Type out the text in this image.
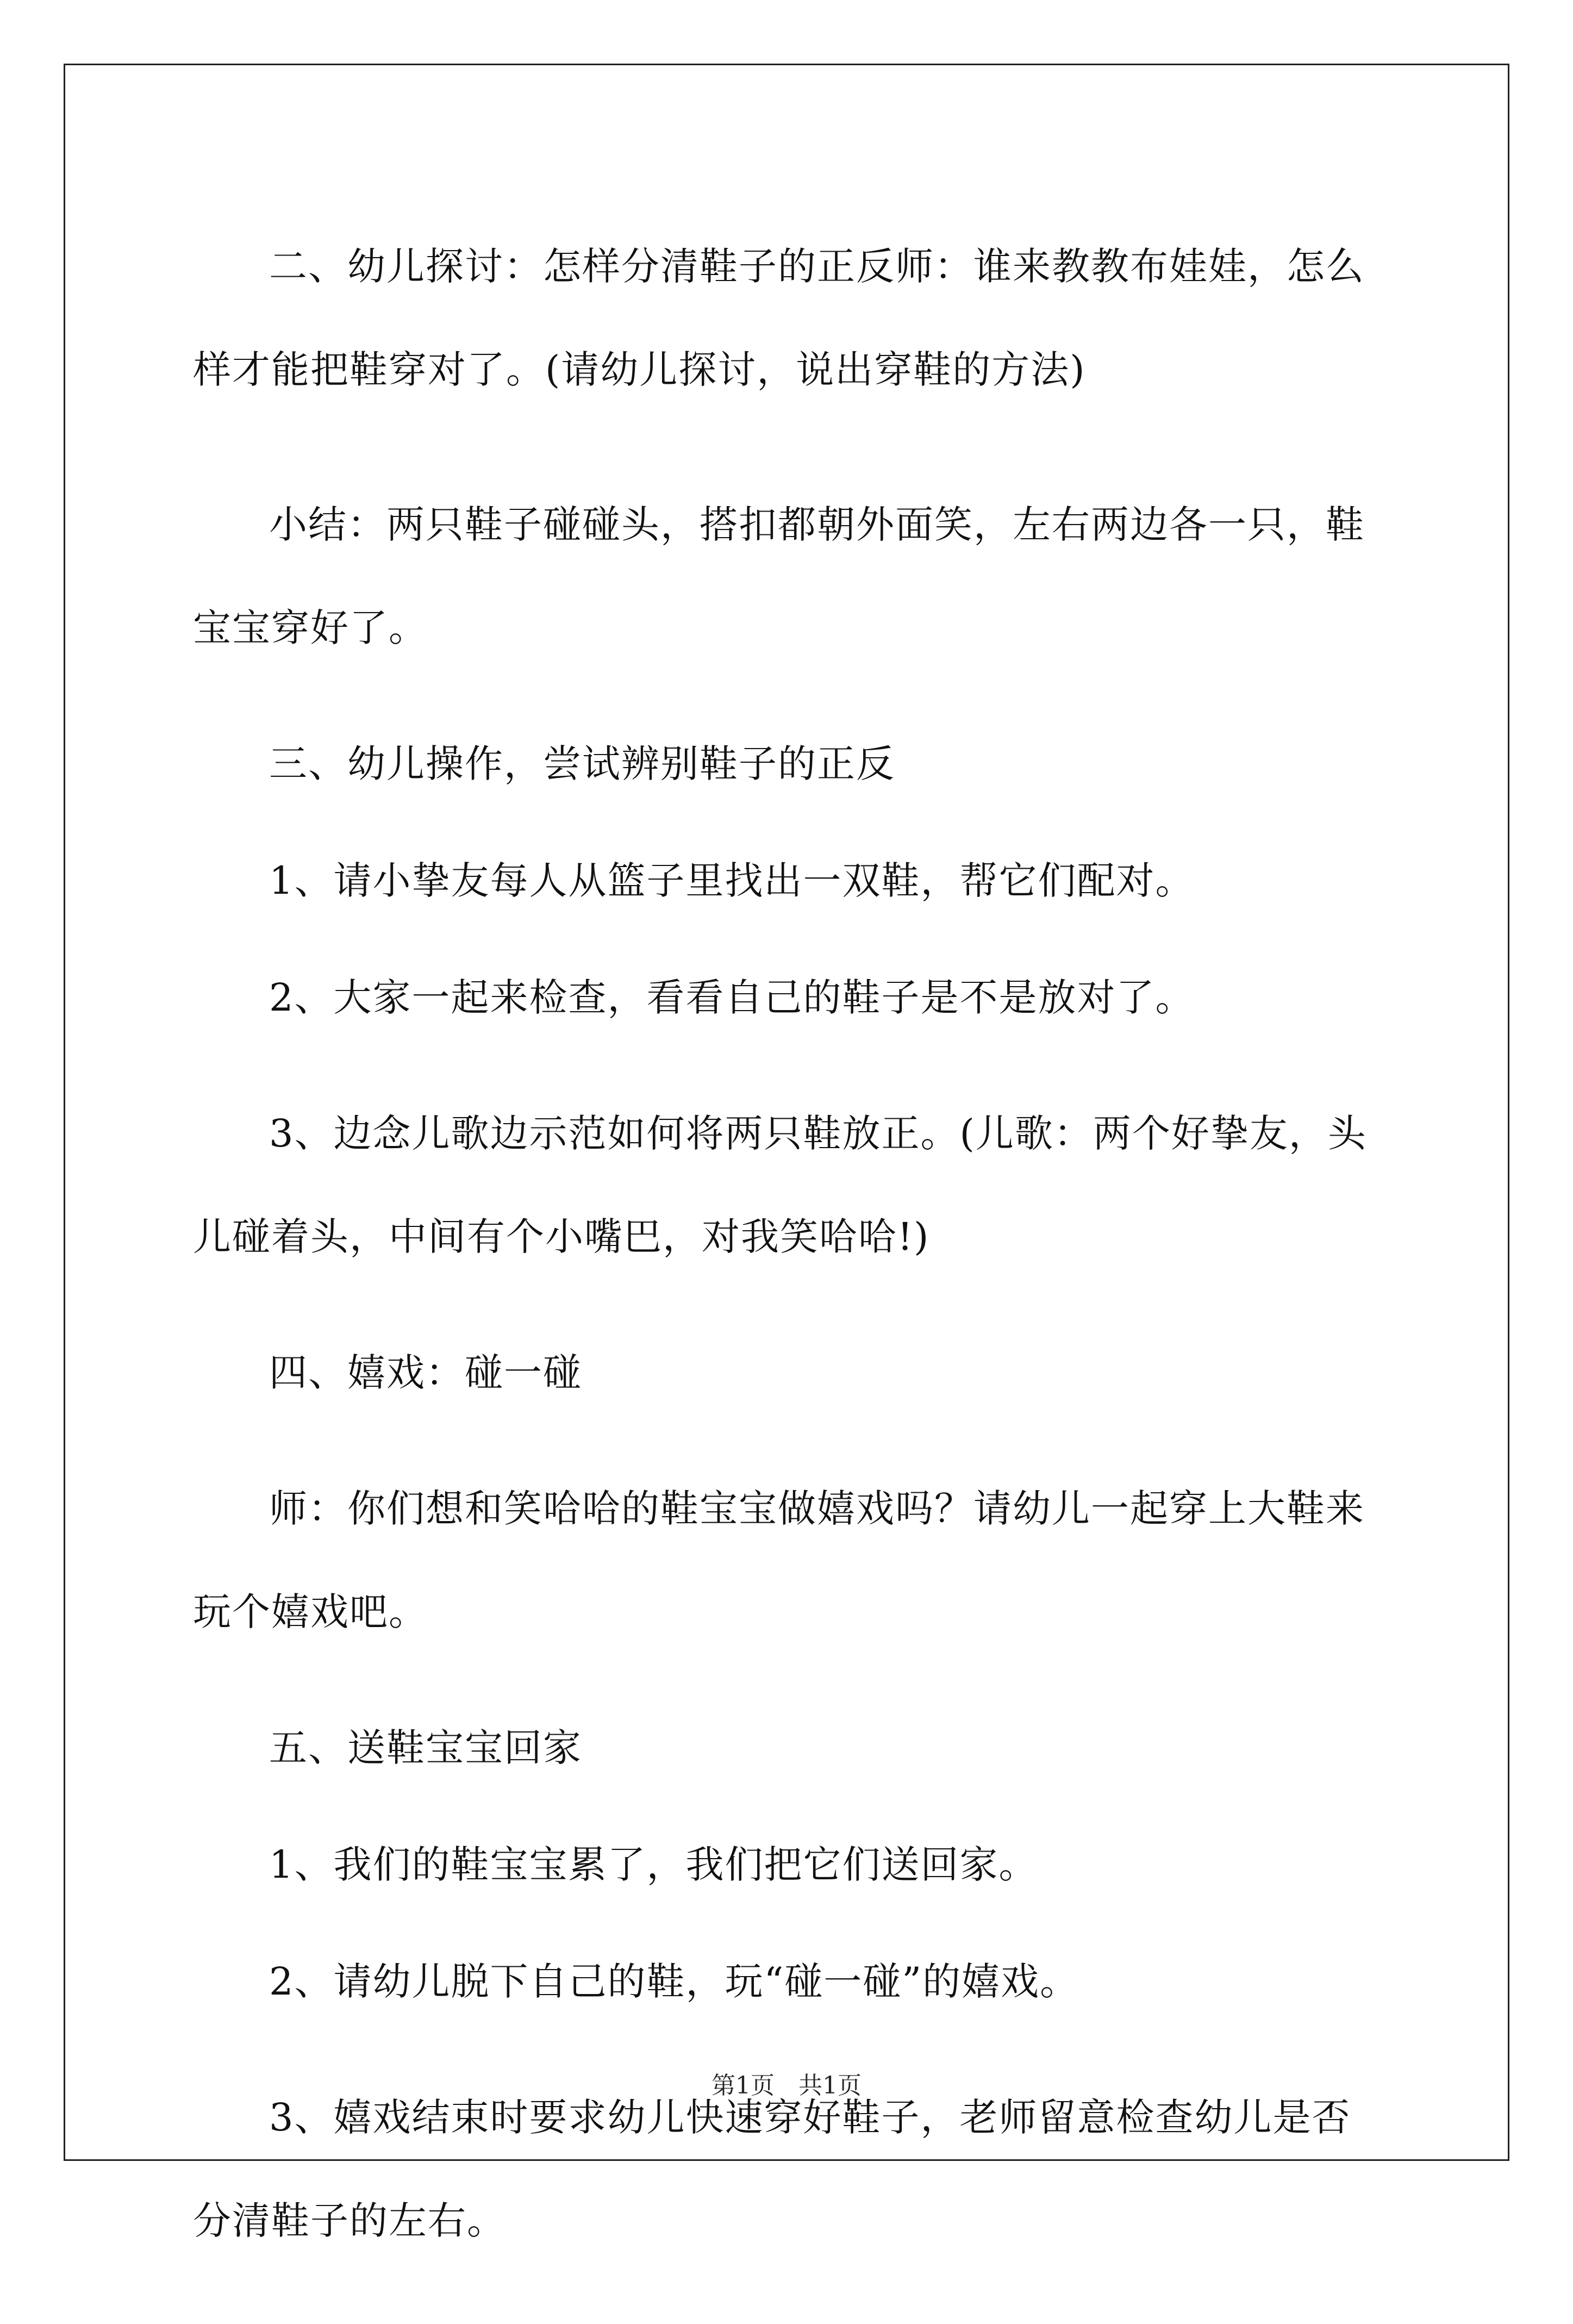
二、幼儿探讨：怎样分清鞋子的正反师：谁来教教布娃娃，怎么样才能把鞋穿对了。(请幼儿探讨，说出穿鞋的方法)

小结：两只鞋子碰碰头，搭扣都朝外面笑，左右两边各一只，鞋宝宝穿好了。

三、幼儿操作，尝试辨别鞋子的正反

1、请小挚友每人从篮子里找出一双鞋，帮它们配对。

2、大家一起来检查，看看自己的鞋子是不是放对了。

3、边念儿歌边示范如何将两只鞋放正。(儿歌：两个好挚友，头儿碰着头，中间有个小嘴巴，对我笑哈哈!)

四、嬉戏：碰一碰

师：你们想和笑哈哈的鞋宝宝做嬉戏吗？请幼儿一起穿上大鞋来玩个嬉戏吧。

五、送鞋宝宝回家

1、我们的鞋宝宝累了，我们把它们送回家。

2、请幼儿脱下自己的鞋，玩“碰一碰”的嬉戏。

3、嬉戏结束时要求幼儿快速穿好鞋子，老师留意检查幼儿是否分清鞋子的左右。

第1页　共1页
